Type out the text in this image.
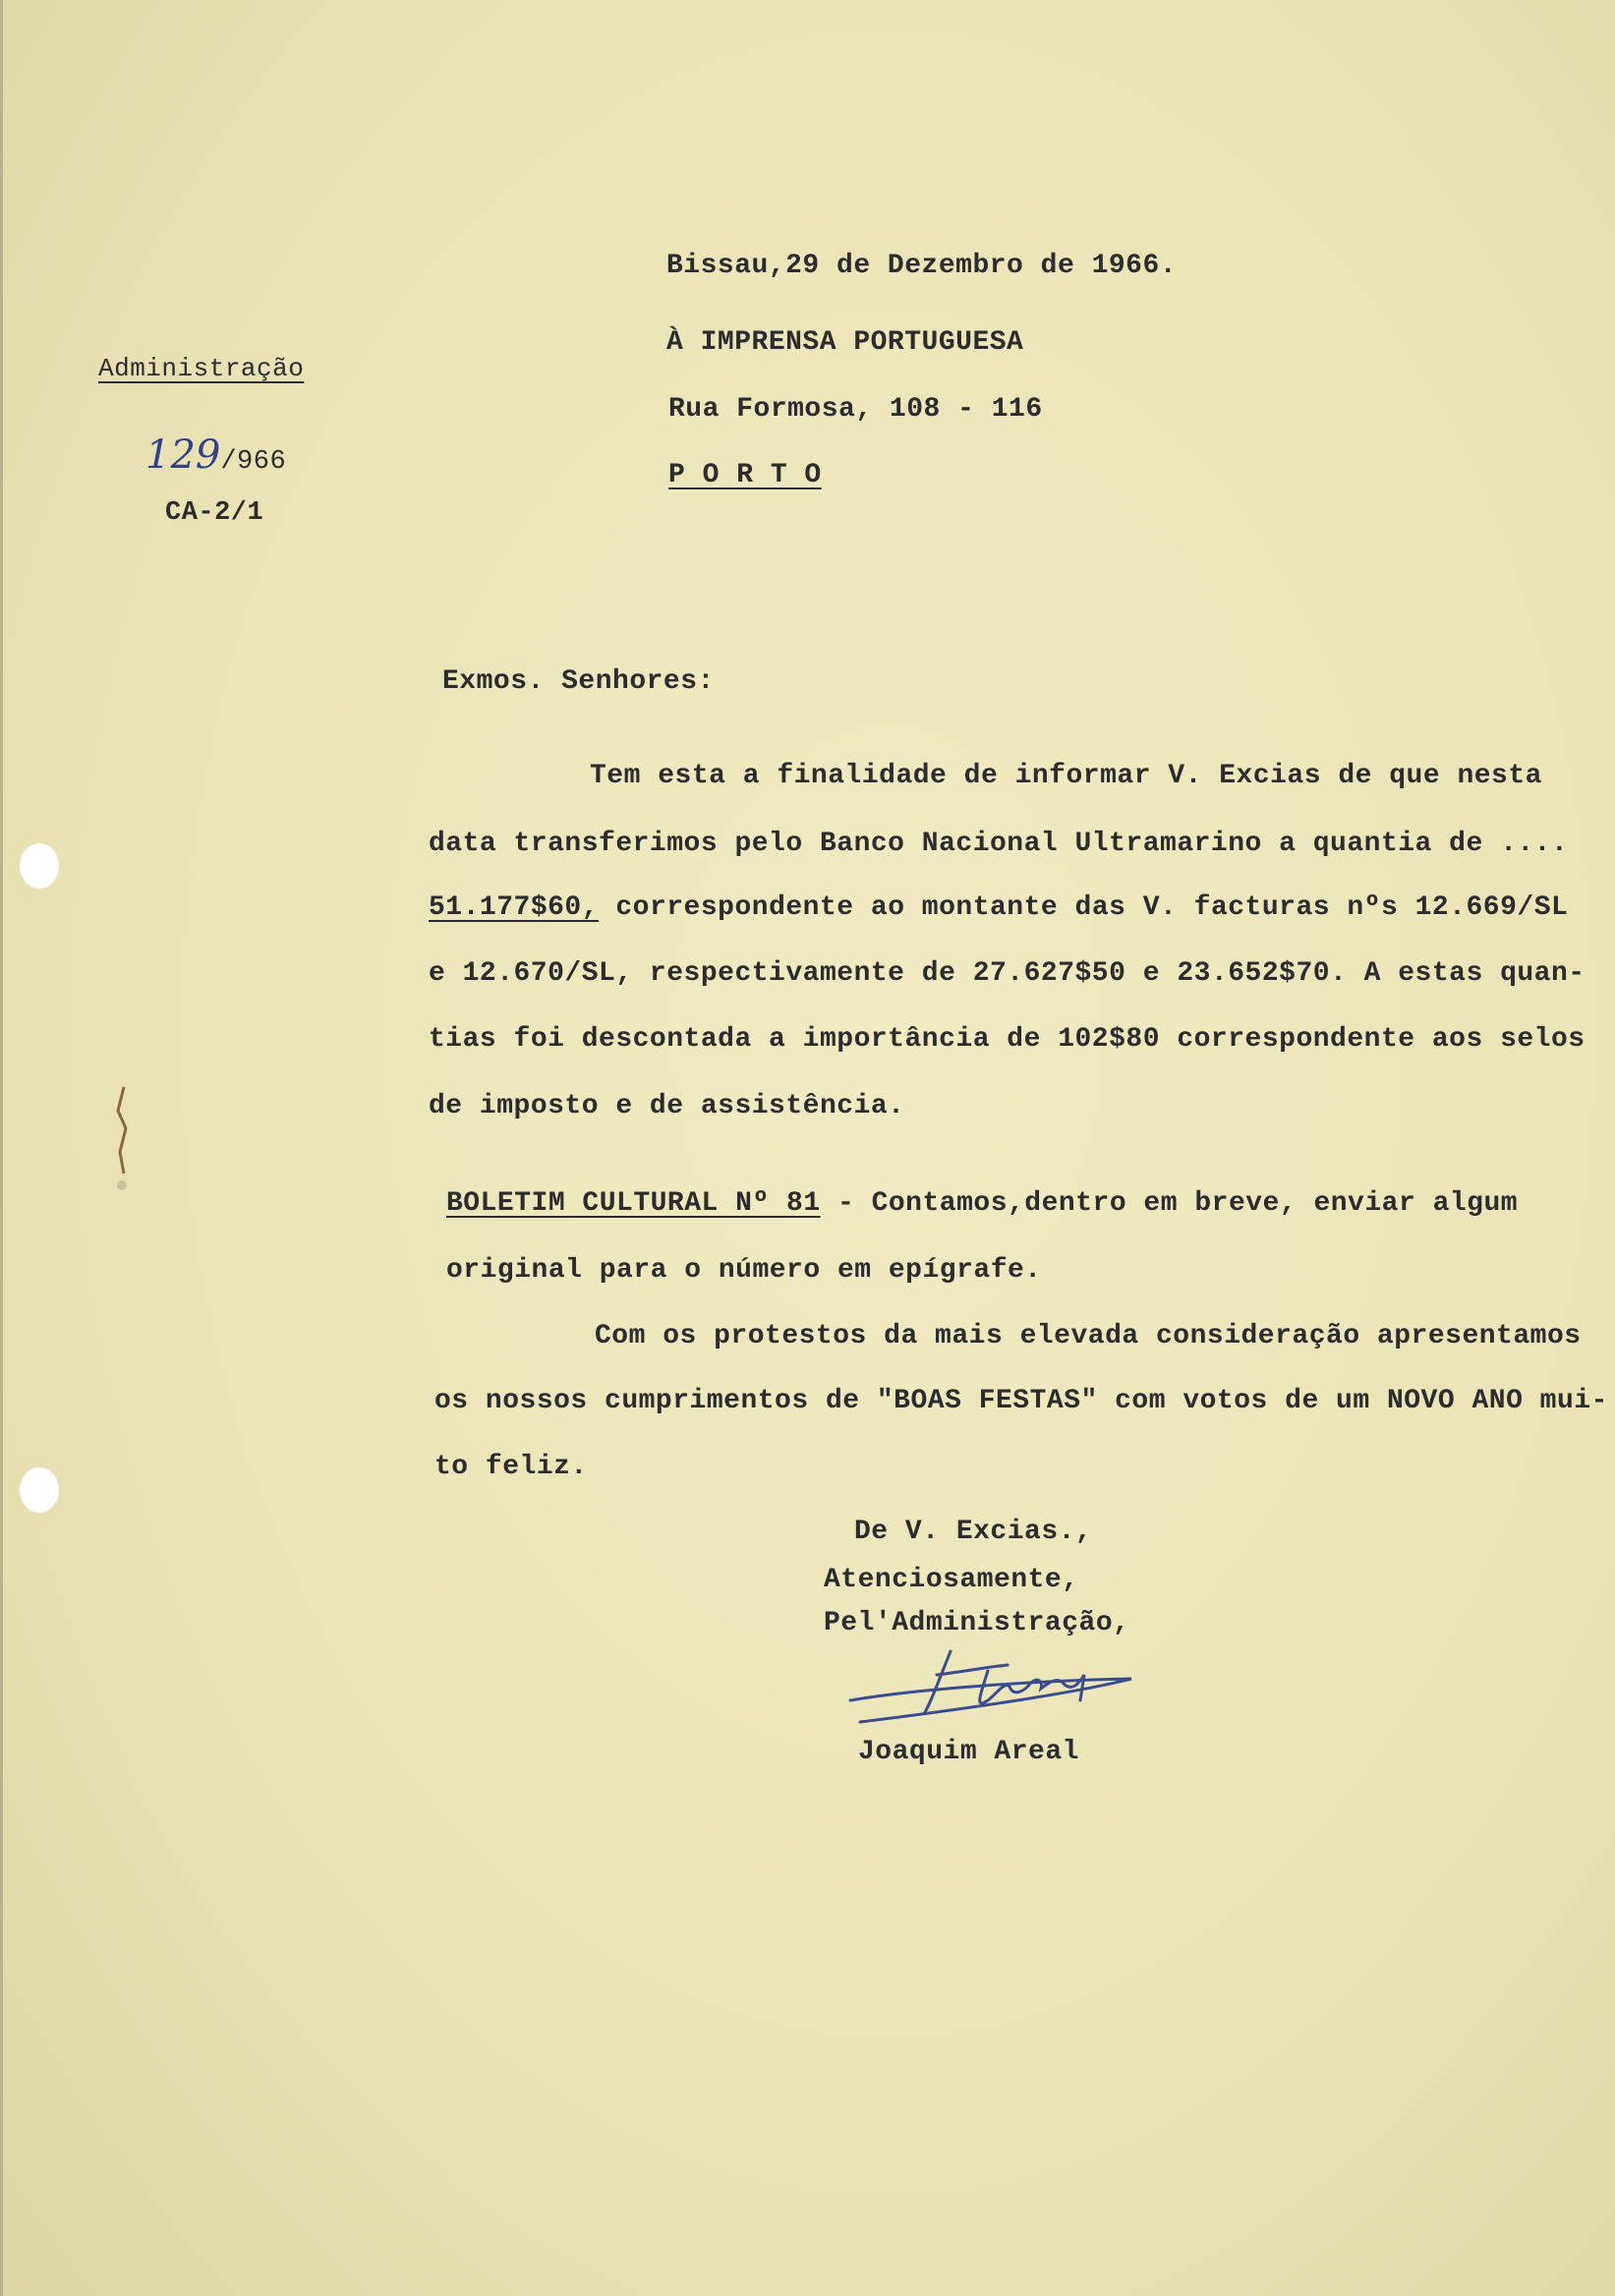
Administração
129/966
CA-2/1
Bissau,29 de Dezembro de 1966.
À IMPRENSA PORTUGUESA
Rua Formosa, 108 - 116
P O R T O
Exmos. Senhores:
Tem esta a finalidade de informar V. Excias de que nesta
data transferimos pelo Banco Nacional Ultramarino a quantia de ....
51.177$60, correspondente ao montante das V. facturas nºs 12.669/SL
e 12.670/SL, respectivamente de 27.627$50 e 23.652$70. A estas quan-
tias foi descontada a importância de 102$80 correspondente aos selos
de imposto e de assistência.
BOLETIM CULTURAL Nº 81 - Contamos,dentro em breve, enviar algum
original para o número em epígrafe.
Com os protestos da mais elevada consideração apresentamos
os nossos cumprimentos de "BOAS FESTAS" com votos de um NOVO ANO mui-
to feliz.
De V. Excias.,
Atenciosamente,
Pel'Administração,
Joaquim Areal
